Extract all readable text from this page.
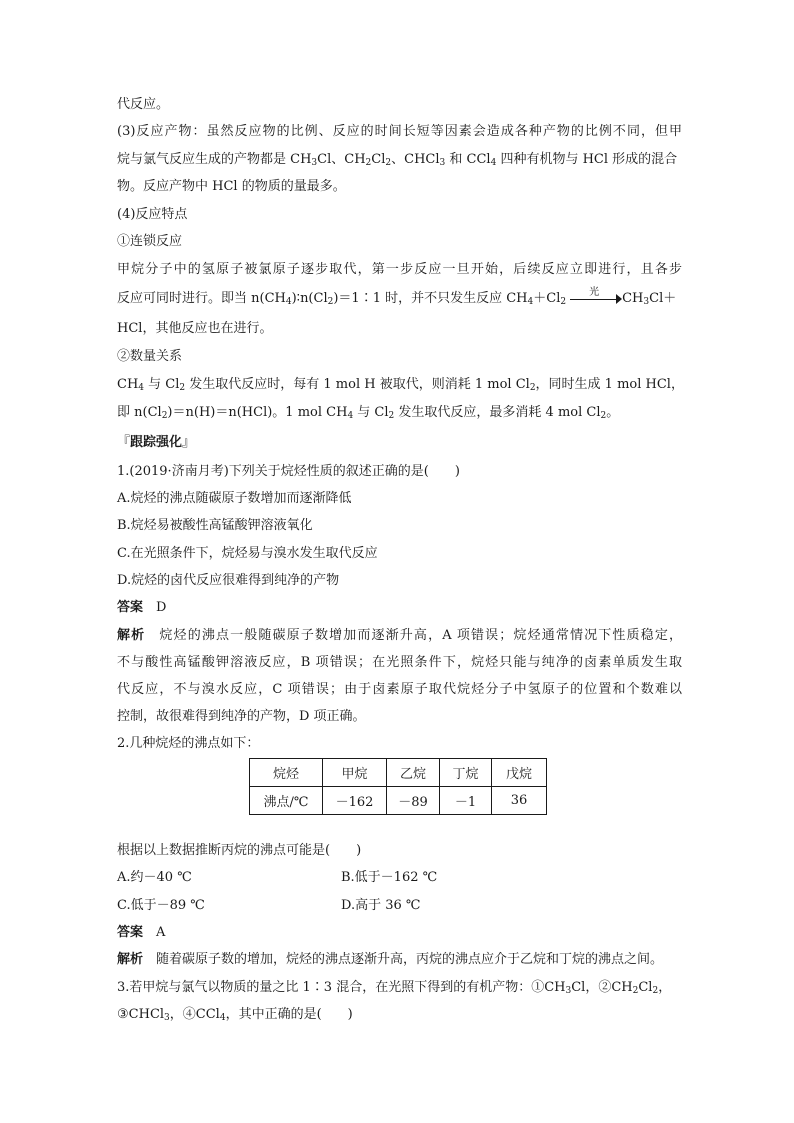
代反应。
(3)反应产物：虽然反应物的比例、反应的时间长短等因素会造成各种产物的比例不同，但甲
烷与氯气反应生成的产物都是 $CH_3Cl$、$CH_2Cl_2$、CHCl$_3$ 和 CCl$_4$ 四种有机物与 HCl 形成的混合
物。反应产物中 HCl 的物质的量最多。
(4)反应特点
①连锁反应
甲烷分子中的氢原子被氯原子逐步取代，第一步反应一旦开始，后续反应立即进行，且各步
反应可同时进行。即当 $n(CH_4)∶n(Cl_2)=1∶1$ 时，并不只发生反应 $CH_4+Cl_2$
光	$CH_3Cl+$
HCl，其他反应也在进行。
②数量关系
$CH_4$ 与 $Cl_2$ 发生取代反应时，每有 1 mol H 被取代，则消耗 1 mol $Cl_2$，同时生成 1 mol HCl，
即 $n(Cl_2)=n(H)=n(HCl)$。1 mol $CH_4$ 与 $Cl_2$ 发生取代反应，最多消耗 4 mol $Cl_2$。
『跟踪强化』
1.(2019·济南月考)下列关于烷烃性质的叙述正确的是(　　)
A.烷烃的沸点随碳原子数增加而逐渐降低
B.烷烃易被酸性高锰酸钾溶液氧化
C.在光照条件下，烷烃易与溴水发生取代反应
D.烷烃的卤代反应很难得到纯净的产物
答案　 D
解析　 烷烃的沸点一般随碳原子数增加而逐渐升高，A 项错误；烷烃通常情况下性质稳定，
不与酸性高锰酸钾溶液反应，B 项错误；在光照条件下，烷烃只能与纯净的卤素单质发生取
代反应，不与溴水反应，C 项错误；由于卤素原子取代烷烃分子中氢原子的位置和个数难以
控制，故很难得到纯净的产物，D 项正确。
2.几种烷烃的沸点如下：
烷烃	甲烷	乙烷	丁烷	戊烷
沸点/℃	－162	－89	－1	36
根据以上数据推断丙烷的沸点可能是(　　)
A.约－40 ℃	B.低于－162 ℃
C.低于－89 ℃	D.高于 36 ℃
答案　 A
解析　 随着碳原子数的增加，烷烃的沸点逐渐升高，丙烷的沸点应介于乙烷和丁烷的沸点之间。
3.若甲烷与氯气以物质的量之比 1∶3 混合，在光照下得到的有机产物：$①CH_3Cl$，$②CH_2Cl_2$，
③CHCl$_3$，④CCl$_4$，其中正确的是(　　)
